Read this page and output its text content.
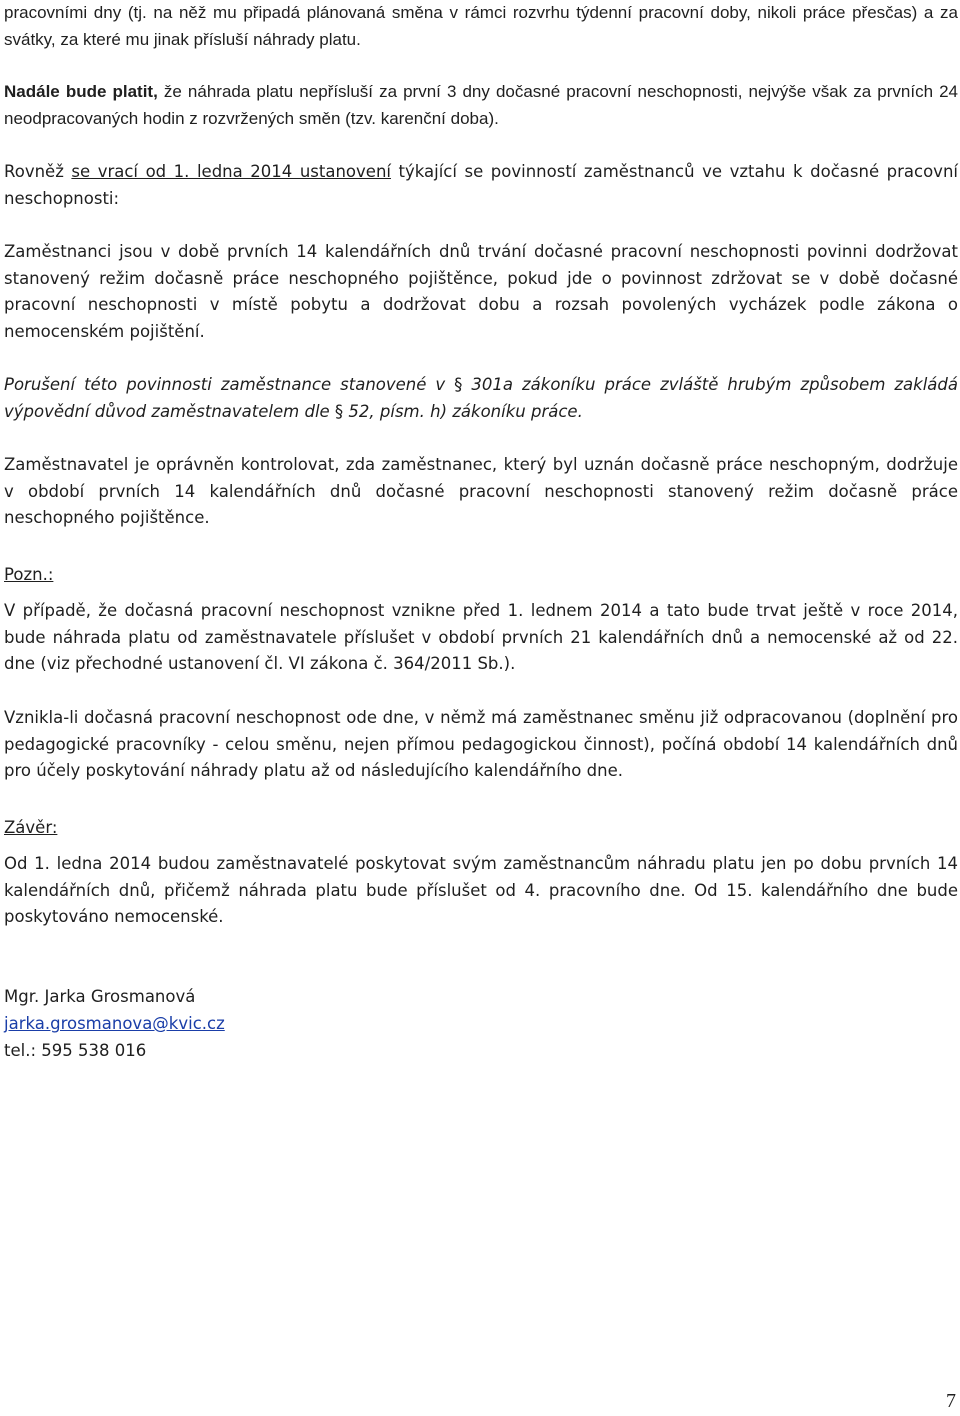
pracovními dny (tj. na něž mu připadá plánovaná směna v rámci rozvrhu týdenní pracovní doby, nikoli práce přesčas) a za svátky, za které mu jinak přísluší náhrady platu.

Nadále bude platit, že náhrada platu nepřísluší za první 3 dny dočasné pracovní neschopnosti, nejvýše však za prvních 24 neodpracovaných hodin z rozvržených směn (tzv. karenční doba).

Rovněž se vrací od 1. ledna 2014 ustanovení týkající se povinností zaměstnanců ve vztahu k dočasné pracovní neschopnosti:

Zaměstnanci jsou v době prvních 14 kalendářních dnů trvání dočasné pracovní neschopnosti povinni dodržovat stanovený režim dočasně práce neschopného pojištěnce, pokud jde o povinnost zdržovat se v době dočasné pracovní neschopnosti v místě pobytu a dodržovat dobu a rozsah povolených vycházek podle zákona o nemocenském pojištění.

Porušení této povinnosti zaměstnance stanovené v § 301a zákoníku práce zvláště hrubým způsobem zakládá výpovědní důvod zaměstnavatelem dle § 52, písm. h) zákoníku práce.

Zaměstnavatel je oprávněn kontrolovat, zda zaměstnanec, který byl uznán dočasně práce neschopným, dodržuje v období prvních 14 kalendářních dnů dočasné pracovní neschopnosti stanovený režim dočasně práce neschopného pojištěnce.

Pozn.:

V případě, že dočasná pracovní neschopnost vznikne před 1. lednem 2014 a tato bude trvat ještě v roce 2014, bude náhrada platu od zaměstnavatele příslušet v období prvních 21 kalendářních dnů a nemocenské až od 22. dne (viz přechodné ustanovení čl. VI zákona č. 364/2011 Sb.).

Vznikla-li dočasná pracovní neschopnost ode dne, v němž má zaměstnanec směnu již odpracovanou (doplnění pro pedagogické pracovníky - celou směnu, nejen přímou pedagogickou činnost), počíná období 14 kalendářních dnů pro účely poskytování náhrady platu až od následujícího kalendářního dne.

Závěr:

Od 1. ledna 2014 budou zaměstnavatelé poskytovat svým zaměstnancům náhradu platu jen po dobu prvních 14 kalendářních dnů, přičemž náhrada platu bude příslušet od 4. pracovního dne. Od 15. kalendářního dne bude poskytováno nemocenské.

Mgr. Jarka Grosmanová
jarka.grosmanova@kvic.cz
tel.: 595 538 016
7
